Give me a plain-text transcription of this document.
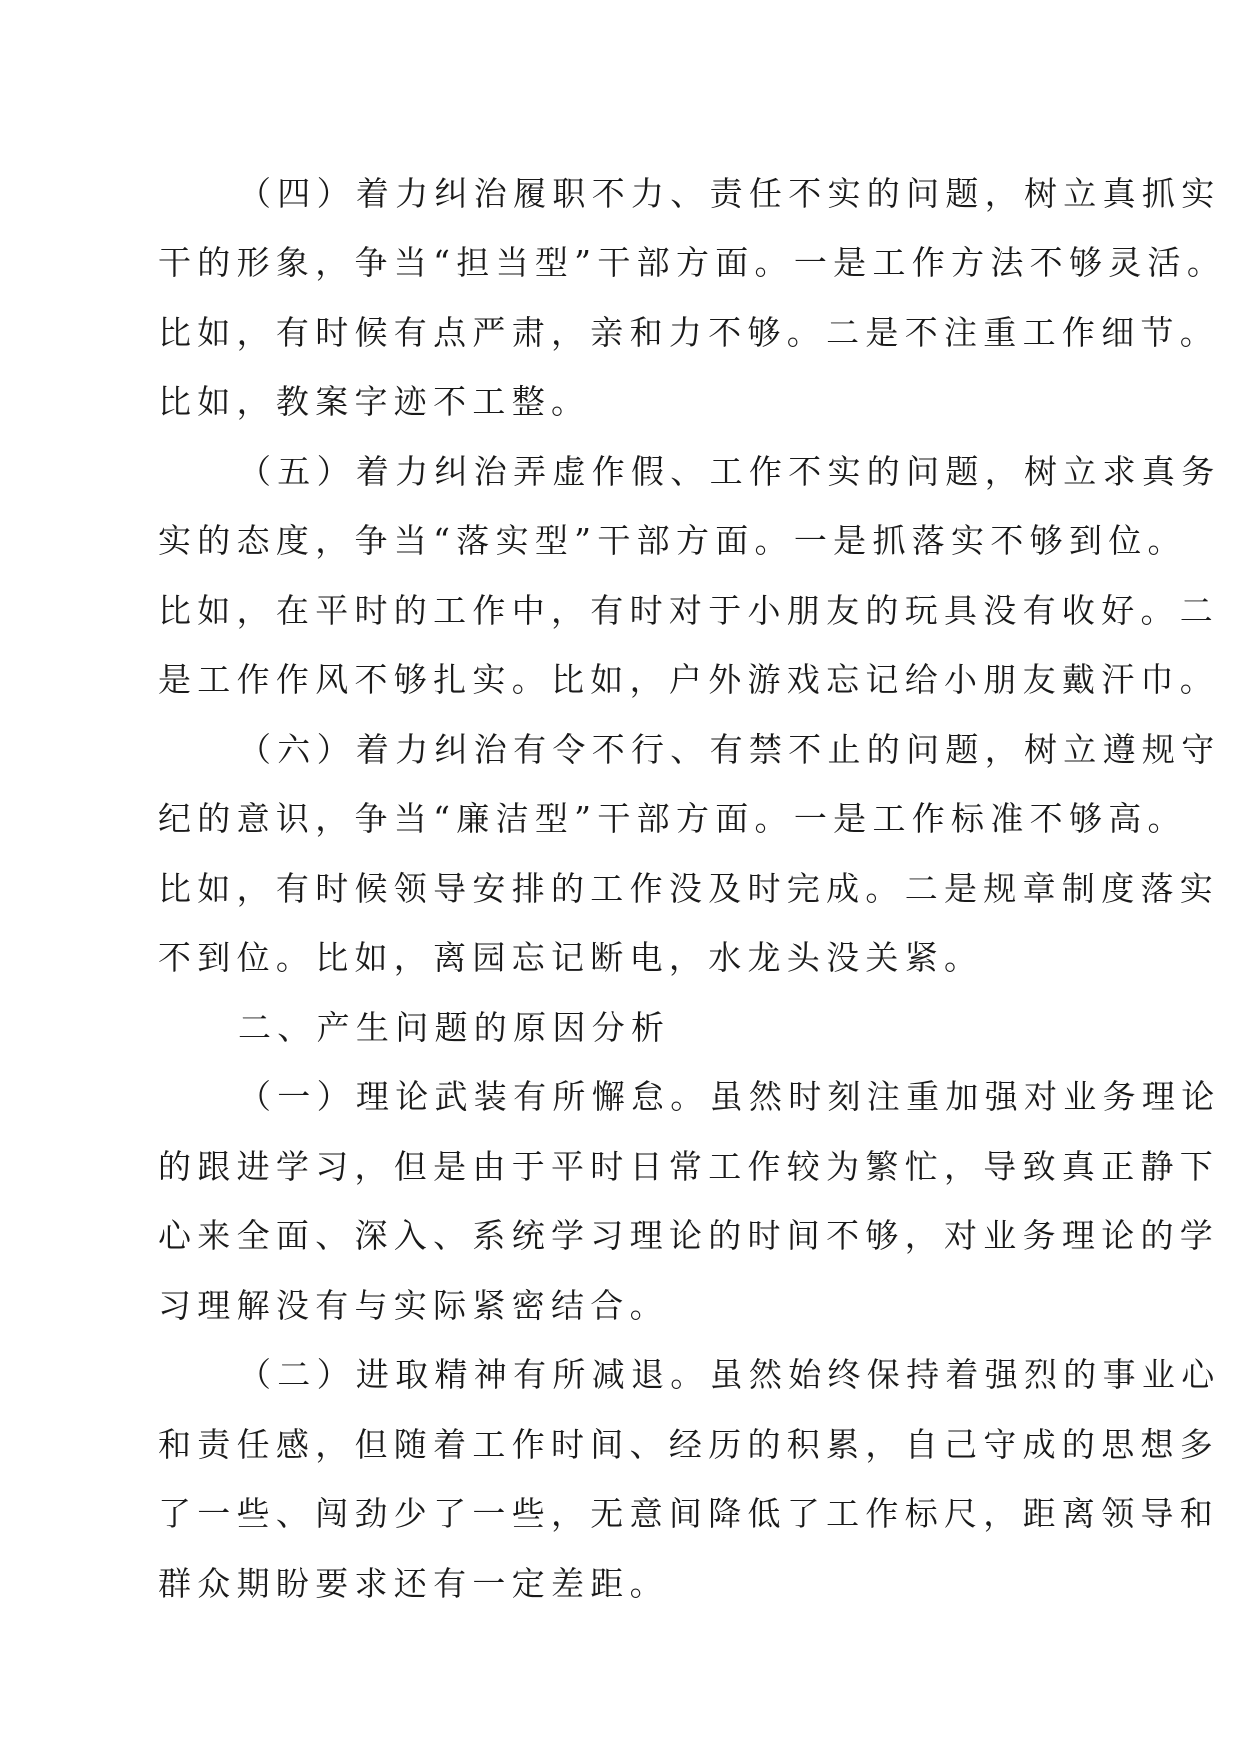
（四）着力纠治履职不力、责任不实的问题，树立真抓实
干的形象，争当“担当型”干部方面。一是工作方法不够灵活。
比如，有时候有点严肃，亲和力不够。二是不注重工作细节。
比如，教案字迹不工整。
（五）着力纠治弄虚作假、工作不实的问题，树立求真务
实的态度，争当“落实型”干部方面。一是抓落实不够到位。
比如，在平时的工作中，有时对于小朋友的玩具没有收好。二
是工作作风不够扎实。比如，户外游戏忘记给小朋友戴汗巾。
（六）着力纠治有令不行、有禁不止的问题，树立遵规守
纪的意识，争当“廉洁型”干部方面。一是工作标准不够高。
比如，有时候领导安排的工作没及时完成。二是规章制度落实
不到位。比如，离园忘记断电，水龙头没关紧。
二、产生问题的原因分析
（一）理论武装有所懈怠。虽然时刻注重加强对业务理论
的跟进学习，但是由于平时日常工作较为繁忙，导致真正静下
心来全面、深入、系统学习理论的时间不够，对业务理论的学
习理解没有与实际紧密结合。
（二）进取精神有所减退。虽然始终保持着强烈的事业心
和责任感，但随着工作时间、经历的积累，自己守成的思想多
了一些、闯劲少了一些，无意间降低了工作标尺，距离领导和
群众期盼要求还有一定差距。
